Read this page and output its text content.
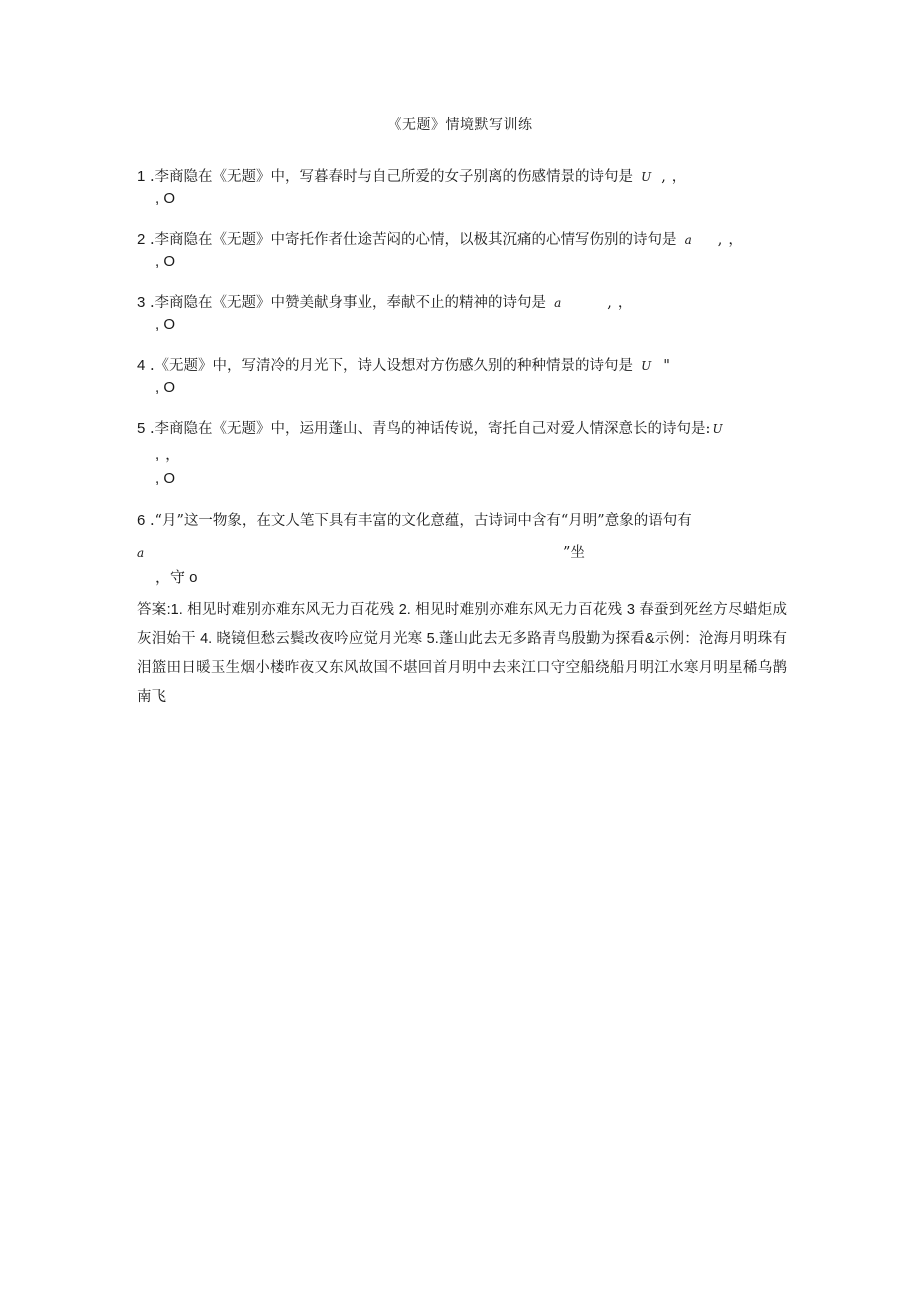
《无题》情境默写训练
1 .李商隐在《无题》中，写暮春时与自己所爱的女子别离的伤感情景的诗句是 U ,，
, O
2 .李商隐在《无题》中寄托作者仕途苦闷的心情，以极其沉痛的心情写伤别的诗句是 a ,，
, O
3 .李商隐在《无题》中赞美献身事业，奉献不止的精神的诗句是 a	,，
, O
4 .《无题》中，写清冷的月光下，诗人设想对方伤感久别的种种情景的诗句是 U "
, O
5 .李商隐在《无题》中，运用蓬山、青鸟的神话传说，寄托自己对爱人情深意长的诗句是: U
,，
, O
6 .“月”这一物象，在文人笔下具有丰富的文化意蕴，古诗词中含有“月明”意象的语句有
a	”坐
，守 o
答案:1. 相见时难别亦难东风无力百花残 2. 相见时难别亦难东风无力百花残 3 春蚕到死丝方尽蜡炬成灰泪始干 4. 晓镜但愁云鬓改夜吟应觉月光寒 5.蓬山此去无多路青鸟殷勤为探看&示例：沧海月明珠有泪篮田日暖玉生烟小楼昨夜又东风故国不堪回首月明中去来江口守空船绕船月明江水寒月明星稀乌鹊南飞
